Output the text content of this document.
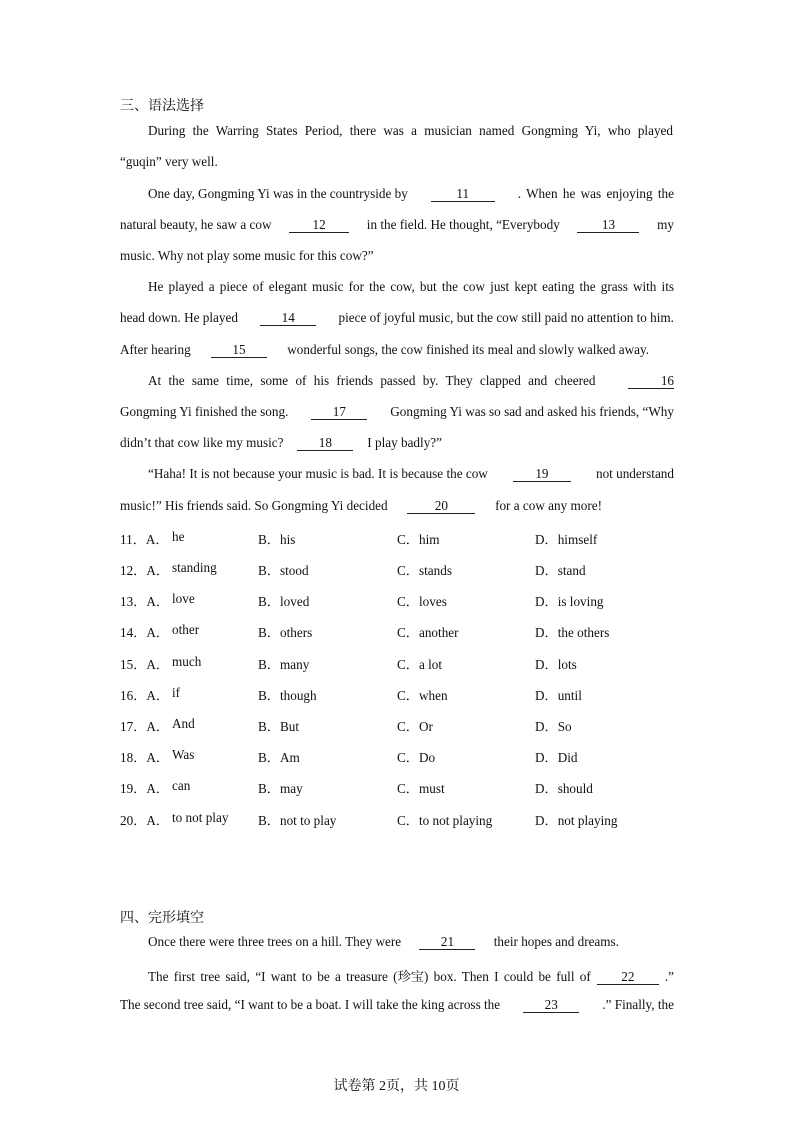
三、语法选择
During the Warring States Period, there was a musician named Gongming Yi, who played
“guqin” very well.
One day, Gongming Yi was in the countryside by	11	. When he was enjoying the
natural beauty, he saw a cow	12	in the field. He thought, “Everybody	13	my
music. Why not play some music for this cow?”
He played a piece of elegant music for the cow, but the cow just kept eating the grass with its
head down. He played	14	piece of joyful music, but the cow still paid no attention to him.
After hearing	15	wonderful songs, the cow finished its meal and slowly walked away.
At the same time, some of his friends passed by. They clapped and cheered	16
Gongming Yi finished the song.	17	Gongming Yi was so sad and asked his friends, “Why
didn’t that cow like my music?	18	I play badly?”
“Haha! It is not because your music is bad. It is because the cow	19	not understand
music!” His friends said. So Gongming Yi decided	20	for a cow any more!
11．A． he	B．his	C．him	D．himself
12．A． standing	B．stood	C．stands	D．stand
13．A． love	B．loved	C．loves	D．is loving
14．A． other	B．others	C．another	D．the others
15．A． much	B．many	C．a lot	D．lots
16．A． if	B．though	C．when	D．until
17．A． And	B．But	C．Or	D．So
18．A． Was	B．Am	C．Do	D．Did
19．A． can	B．may	C．must	D．should
20．A． to not play B．not to play	C．to not playing	D．not playing
四、完形填空
Once there were three trees on a hill. They were	21	their hopes and dreams.
The first tree said, “I want to be a treasure (珍宝) box. Then I could be full of	22	.”
The second tree said, “I want to be a boat. I will take the king across the	23	.” Finally, the
试卷第 2页，共 10页
